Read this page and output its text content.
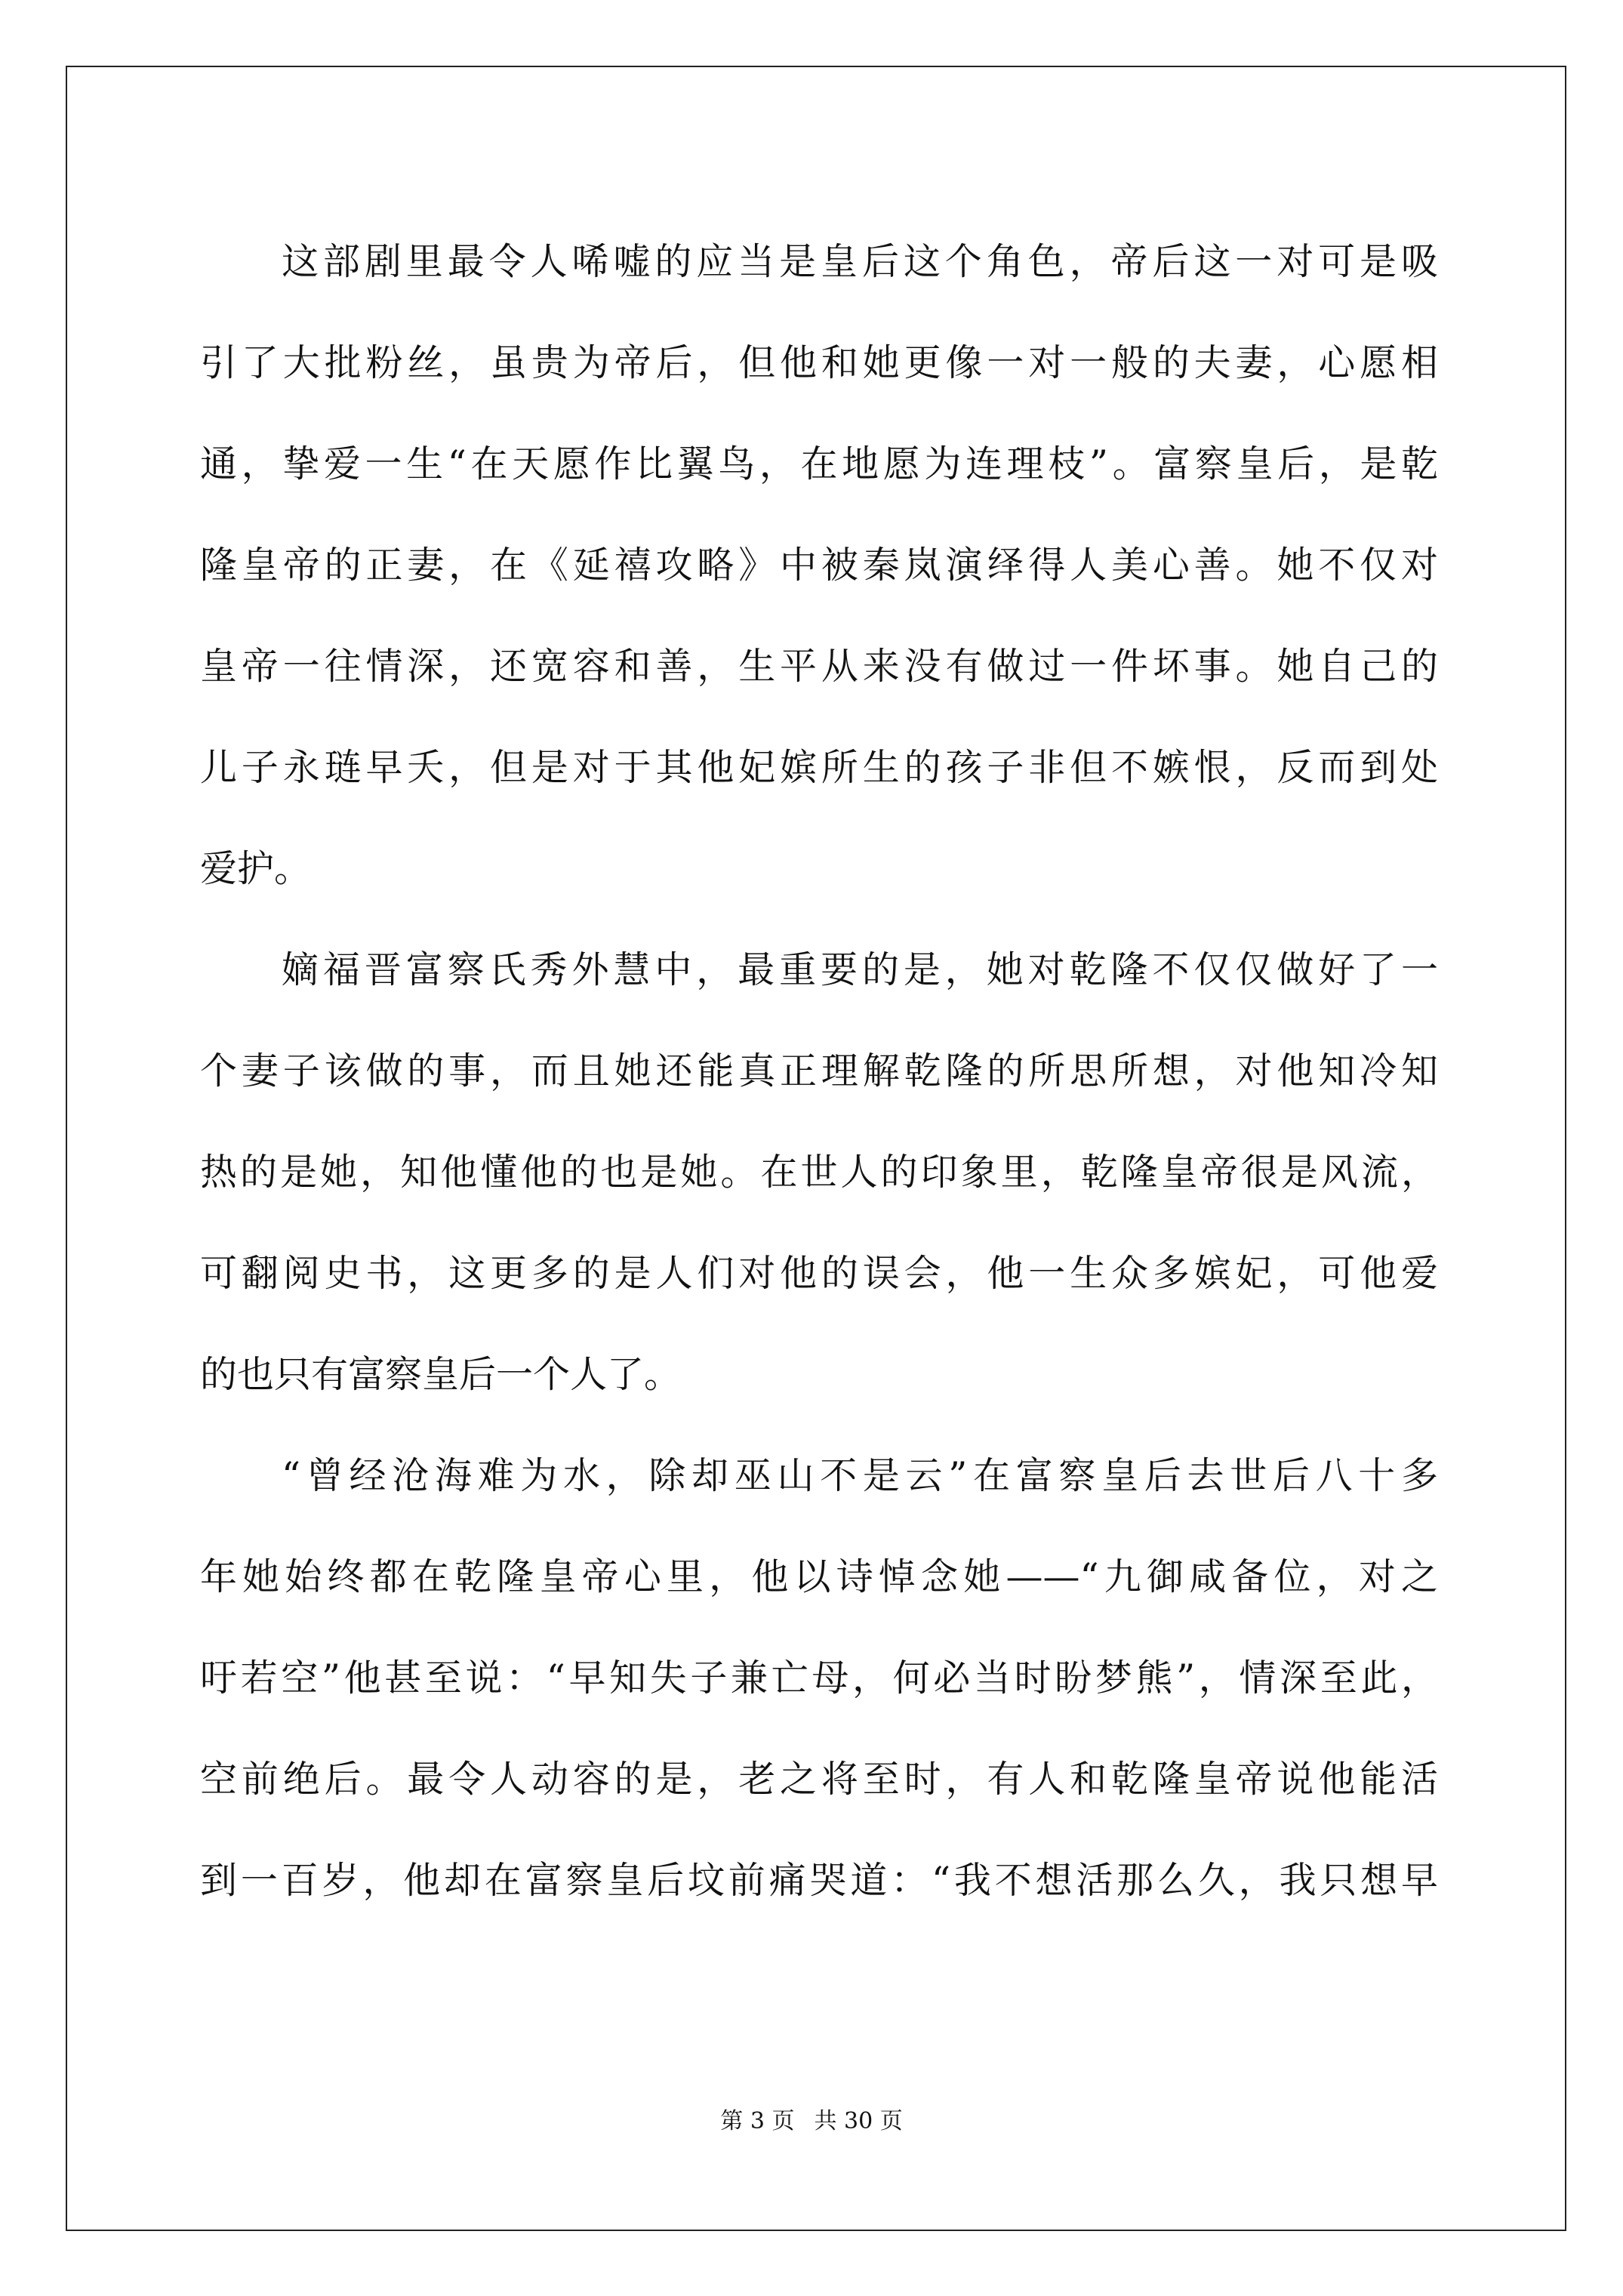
这部剧里最令人唏嘘的应当是皇后这个角色，帝后这一对可是吸
引了大批粉丝，虽贵为帝后，但他和她更像一对一般的夫妻，心愿相
通，挚爱一生“在天愿作比翼鸟，在地愿为连理枝”。富察皇后，是乾
隆皇帝的正妻，在《延禧攻略》中被秦岚演绎得人美心善。她不仅对
皇帝一往情深，还宽容和善，生平从来没有做过一件坏事。她自己的
儿子永琏早夭，但是对于其他妃嫔所生的孩子非但不嫉恨，反而到处
爱护。
嫡福晋富察氏秀外慧中，最重要的是，她对乾隆不仅仅做好了一
个妻子该做的事，而且她还能真正理解乾隆的所思所想，对他知冷知
热的是她，知他懂他的也是她。在世人的印象里，乾隆皇帝很是风流，
可翻阅史书，这更多的是人们对他的误会，他一生众多嫔妃，可他爱
的也只有富察皇后一个人了。
“曾经沧海难为水，除却巫山不是云”在富察皇后去世后八十多
年她始终都在乾隆皇帝心里，他以诗悼念她——“九御咸备位，对之
吁若空”他甚至说：“早知失子兼亡母，何必当时盼梦熊”，情深至此，
空前绝后。最令人动容的是，老之将至时，有人和乾隆皇帝说他能活
到一百岁，他却在富察皇后坟前痛哭道：“我不想活那么久，我只想早
第 3 页 共 30 页
